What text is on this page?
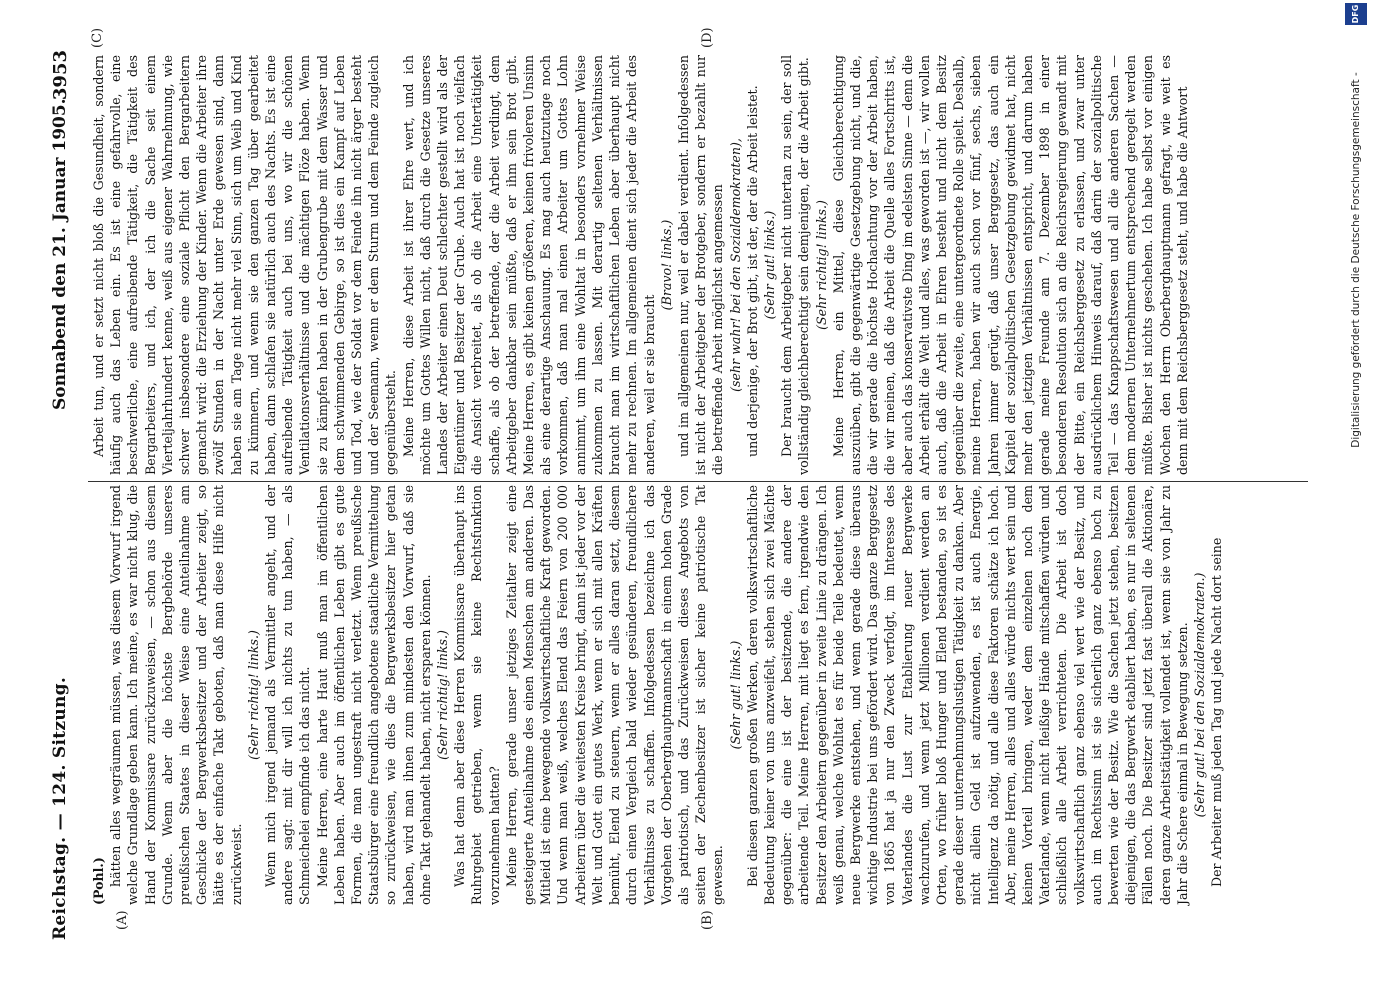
Reichstag. — 124. Sitzung.
Sonnabend den 21. Januar 1905.
3953
(A)	(B)
(C)	(D)

(Pohl.) hätten alles wegräumen müssen, was diesem Vorwurf irgend welche Grundlage geben kann. Ich meine, es war nicht klug, die Hand der Kommissare zurückzuweisen, — schon aus diesem Grunde. Wenn aber die höchste Bergbehörde unseres preußischen Staates in dieser Weise eine Anteilnahme am Geschicke der Bergwerksbesitzer und der Arbeiter zeigt, so hätte es der einfache Takt geboten, daß man diese Hilfe nicht zurückweist.

(Sehr richtig! links.) Wenn mich irgend jemand als Vermittler angeht, und der andere sagt: mit dir will ich nichts zu tun haben, — als Schmeichelei empfinde ich das nicht. Meine Herren, eine harte Haut muß man im öffentlichen Leben haben. Aber auch im öffentlichen Leben gibt es gute Formen, die man ungestraft nicht verletzt. Wenn preußische Staatsbürger eine freundlich angebotene staatliche Vermittelung so zurückweisen, wie dies die Bergwerksbesitzer hier getan haben, wird man ihnen zum mindesten den Vorwurf, daß sie ohne Takt gehandelt haben, nicht ersparen können. (Sehr richtig! links.) Was hat denn aber diese Herren Kommissare überhaupt ins Ruhrgebiet getrieben, wenn sie keine Rechtsfunktion vorzunehmen hatten? Meine Herren, gerade unser jetziges Zeitalter zeigt eine gesteigerte Anteilnahme des einen Menschen am anderen. Das Mitleid ist eine bewegende volkswirtschaftliche Kraft geworden. Und wenn man weiß, welches Elend das Feiern von 200 000 Arbeitern über die weitesten Kreise bringt, dann ist jeder vor der Welt und Gott ein gutes Werk, wenn er sich mit allen Kräften bemüht, Elend zu steuern, wenn er alles daran setzt, diesem durch einen Vergleich bald wieder gesünderen, freundlichere Verhältnisse zu schaffen. Infolgedessen bezeichne ich das Vorgehen der Oberberghauptmannschaft in einem hohen Grade als patriotisch, und das Zurückweisen dieses Angebots von seiten der Zechenbesitzer ist sicher keine patriotische Tat gewesen.

(Sehr gut! links.) Bei diesen ganzen großen Werken, deren volkswirtschaftliche Bedeutung keiner von uns anzweifelt, stehen sich zwei Mächte gegenüber: die eine ist der besitzende, die andere der arbeitende Teil. Meine Herren, mit liegt es fern, irgendwie den Besitzer den Arbeitern gegenüber in zweite Linie zu drängen. Ich weiß genau, welche Wohltat es für beide Teile bedeutet, wenn neue Bergwerke entstehen, und wenn gerade diese überaus wichtige Industrie bei uns gefördert wird. Das ganze Berggesetz von 1865 hat ja nur den Zweck verfolgt, im Interesse des Vaterlandes die Lust zur Etablierung neuer Bergwerke wachzurufen, und wenn jetzt Millionen verdient werden an Orten, wo früher bloß Hunger und Elend bestanden, so ist es gerade dieser unternehmungslustigen Tätigkeit zu danken. Aber nicht allein Geld ist aufzuwenden, es ist auch Energie, Intelligenz da nötig, und alle diese Faktoren schätze ich hoch. Aber, meine Herren, alles und alles würde nichts wert sein und keinen Vorteil bringen, weder dem einzelnen noch dem Vaterlande, wenn nicht fleißige Hände mitschaffen würden und schließlich alle Arbeit verrichteten. Die Arbeit ist doch volkswirtschaftlich ganz ebenso viel wert wie der Besitz, und auch im Rechtssinn ist sie sicherlich ganz ebenso hoch zu bewerten wie der Besitz. Wie die Sachen jetzt stehen, besitzen diejenigen, die das Bergwerk etabliert haben, es nur in seltenen Fällen noch. Die Besitzer sind jetzt fast überall die Aktionäre, deren ganze Arbeitstätigkeit vollendet ist, wenn sie von Jahr zu Jahr die Schere einmal in Bewegung setzen. (Sehr gut! bei den Sozialdemokraten.) Der Arbeiter muß jeden Tag und jede Nacht dort seine

Arbeit tun, und er setzt nicht bloß die Gesundheit, sondern häufig auch das Leben ein. Es ist eine gefahrvolle, eine beschwerliche, eine aufreibende Tätigkeit, die Tätigkeit des Bergarbeiters, und ich, der ich die Sache seit einem Vierteljahrhundert kenne, weiß aus eigener Wahrnehmung, wie schwer insbesondere eine soziale Pflicht den Bergarbeitern gemacht wird: die Erziehung der Kinder. Wenn die Arbeiter ihre zwölf Stunden in der Nacht unter Erde gewesen sind, dann haben sie am Tage nicht mehr viel Sinn, sich um Weib und Kind zu kümmern, und wenn sie den ganzen Tag über gearbeitet haben, dann schlafen sie natürlich auch des Nachts. Es ist eine aufreibende Tätigkeit auch bei uns, wo wir die schönen Ventilationsverhältnisse und die mächtigen Flöze haben. Wenn sie zu kämpfen haben in der Grubengrube mit dem Wasser und dem schwimmenden Gebirge, so ist dies ein Kampf auf Leben und Tod, wie der Soldat vor dem Feinde ihn nicht ärger besteht und der Seemann, wenn er dem Sturm und dem Feinde zugleich gegenübersteht. Meine Herren, diese Arbeit ist ihrer Ehre wert, und ich möchte um Gottes Willen nicht, daß durch die Gesetze unseres Landes der Arbeiter einen Deut schlechter gestellt wird als der Eigentümer und Besitzer der Grube. Auch hat ist noch vielfach die Ansicht verbreitet, als ob die Arbeit eine Untertätigkeit schaffe, als ob der betreffende, der die Arbeit verdingt, dem Arbeitgeber dankbar sein müßte, daß er ihm sein Brot gibt. Meine Herren, es gibt keinen größeren, keinen frivoleren Unsinn als eine derartige Anschauung. Es mag auch heutzutage noch vorkommen, daß man mal einen Arbeiter um Gottes Lohn annimmt, um ihm eine Wohltat in besonders vornehmer Weise zukommen zu lassen. Mit derartig seltenen Verhältnissen braucht man im wirtschaftlichen Leben aber überhaupt nicht mehr zu rechnen. Im allgemeinen dient sich jeder die Arbeit des anderen, weil er sie braucht

(Bravo! links.) und im allgemeinen nur, weil er dabei verdient. Infolgedessen ist nicht der Arbeitgeber der Brotgeber, sondern er bezahlt nur die betreffende Arbeit möglichst angemessen (sehr wahr! bei den Sozialdemokraten), und derjenige, der Brot gibt, ist der, der die Arbeit leistet. (Sehr gut! links.) Der braucht dem Arbeitgeber nicht untertan zu sein, der soll vollständig gleichberechtigt sein demjenigen, der die Arbeit gibt. (Sehr richtig! links.) Meine Herren, ein Mittel, diese Gleichberechtigung auszuüben, gibt die gegenwärtige Gesetzgebung nicht, und die, die wir gerade die höchste Hochachtung vor der Arbeit haben, die wir meinen, daß die Arbeit die Quelle alles Fortschritts ist, aber auch das konservativste Ding im edelsten Sinne — denn die Arbeit erhält die Welt und alles, was geworden ist —, wir wollen auch, daß die Arbeit in Ehren besteht und nicht dem Besitz gegenüber die zweite, eine untergeordnete Rolle spielt. Deshalb, meine Herren, haben wir auch schon vor fünf, sechs, sieben Jahren immer gerügt, daß unser Berggesetz, das auch ein Kapitel der sozialpolitischen Gesetzgebung gewidmet hat, nicht mehr den jetzigen Verhältnissen entspricht, und darum haben gerade meine Freunde am 7. Dezember 1898 in einer besonderen Resolution sich an die Reichsregierung gewandt mit der Bitte, ein Reichsberggesetz zu erlassen, und zwar unter ausdrücklichem Hinweis darauf, daß darin der sozialpolitische Teil — das Knappschaftswesen und all die anderen Sachen — dem modernen Unternehmertum entsprechend geregelt werden müßte. Bisher ist nichts geschehen. Ich habe selbst vor einigen Wochen den Herrn Oberberghauptmann gefragt, wie weit es denn mit dem Reichsberggesetz steht, und habe die Antwort	Digitalisierung gefördert durch die Deutsche Forschungsgemeinschaft -
DFG
